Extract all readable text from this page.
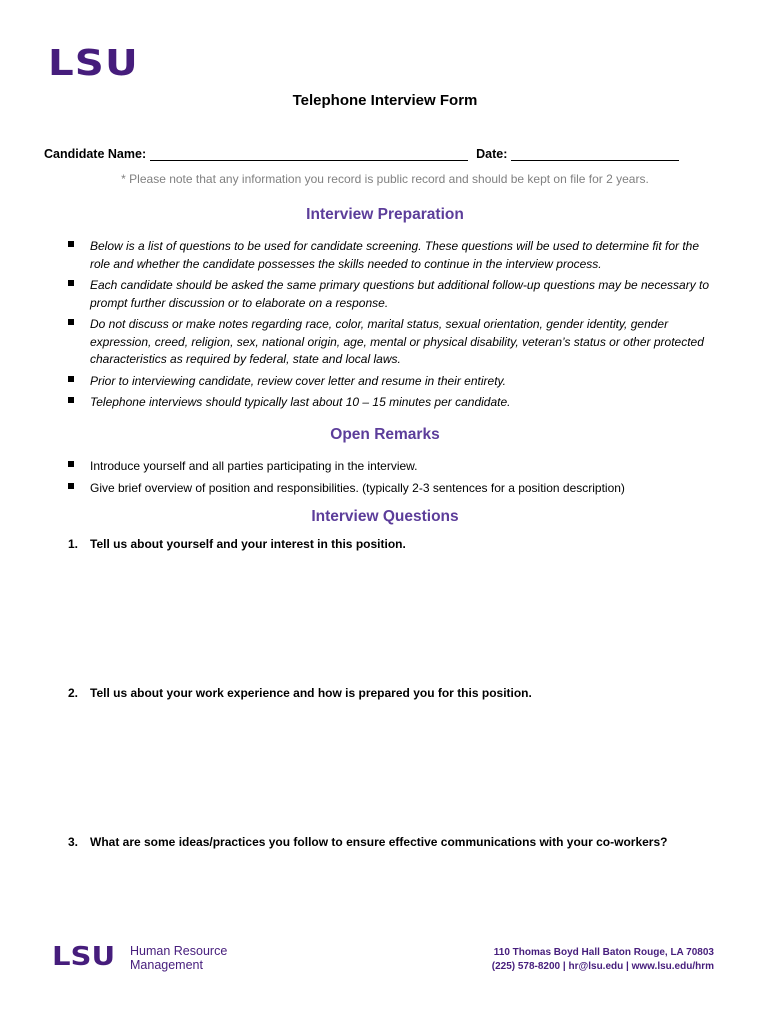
LSU
Telephone Interview Form
Candidate Name:	Date:
* Please note that any information you record is public record and should be kept on file for 2 years.
Interview Preparation
Below is a list of questions to be used for candidate screening. These questions will be used to determine fit for the role and whether the candidate possesses the skills needed to continue in the interview process.
Each candidate should be asked the same primary questions but additional follow-up questions may be necessary to prompt further discussion or to elaborate on a response.
Do not discuss or make notes regarding race, color, marital status, sexual orientation, gender identity, gender expression, creed, religion, sex, national origin, age, mental or physical disability, veteran’s status or other protected characteristics as required by federal, state and local laws.
Prior to interviewing candidate, review cover letter and resume in their entirety.
Telephone interviews should typically last about 10 – 15 minutes per candidate.
Open Remarks
Introduce yourself and all parties participating in the interview.
Give brief overview of position and responsibilities. (typically 2-3 sentences for a position description)
Interview Questions
1. Tell us about yourself and your interest in this position.
2. Tell us about your work experience and how is prepared you for this position.
3. What are some ideas/practices you follow to ensure effective communications with your co-workers?
LSU Human Resource
Management
110 Thomas Boyd Hall Baton Rouge, LA 70803
(225) 578-8200 | hr@lsu.edu | www.lsu.edu/hrm
